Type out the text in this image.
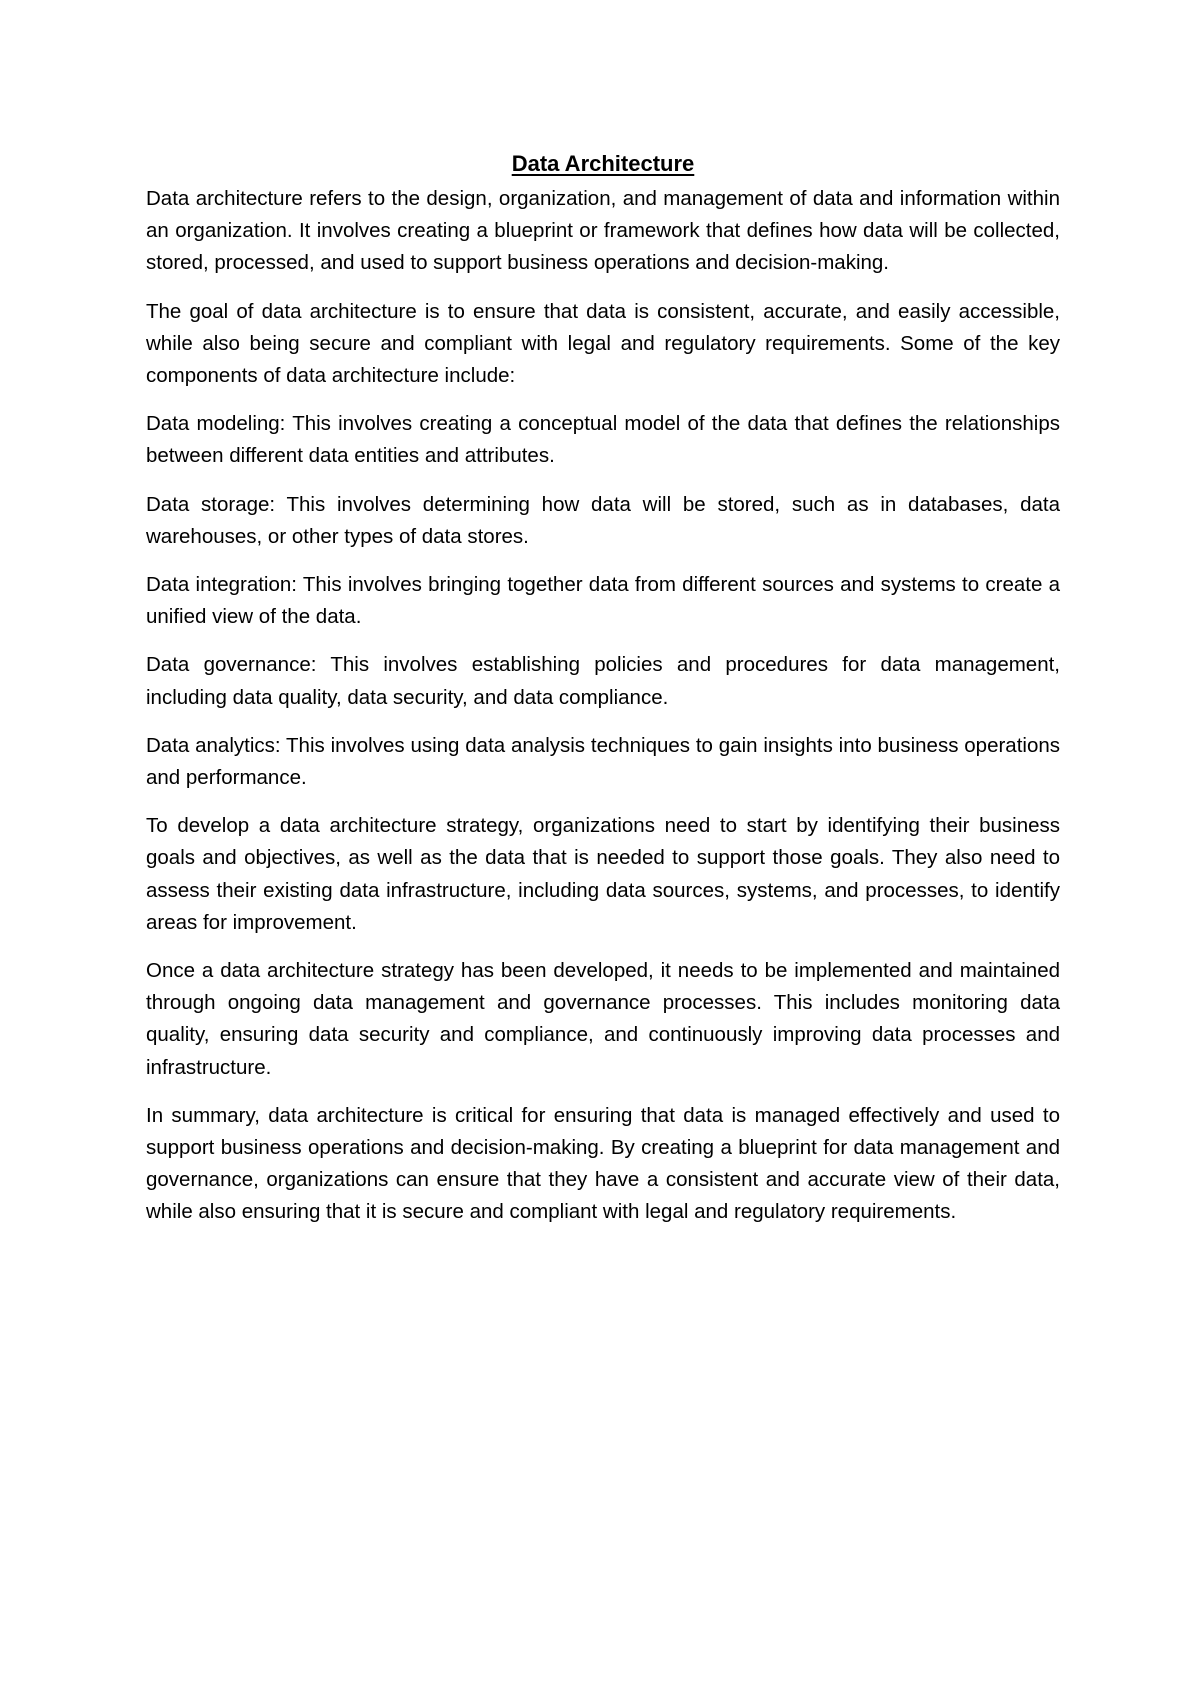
Data Architecture

Data architecture refers to the design, organization, and management of data and information within an organization. It involves creating a blueprint or framework that defines how data will be collected, stored, processed, and used to support business operations and decision-making.

The goal of data architecture is to ensure that data is consistent, accurate, and easily accessible, while also being secure and compliant with legal and regulatory requirements. Some of the key components of data architecture include:

Data modeling: This involves creating a conceptual model of the data that defines the relationships between different data entities and attributes.

Data storage: This involves determining how data will be stored, such as in databases, data warehouses, or other types of data stores.

Data integration: This involves bringing together data from different sources and systems to create a unified view of the data.

Data governance: This involves establishing policies and procedures for data management, including data quality, data security, and data compliance.

Data analytics: This involves using data analysis techniques to gain insights into business operations and performance.

To develop a data architecture strategy, organizations need to start by identifying their business goals and objectives, as well as the data that is needed to support those goals. They also need to assess their existing data infrastructure, including data sources, systems, and processes, to identify areas for improvement.

Once a data architecture strategy has been developed, it needs to be implemented and maintained through ongoing data management and governance processes. This includes monitoring data quality, ensuring data security and compliance, and continuously improving data processes and infrastructure.

In summary, data architecture is critical for ensuring that data is managed effectively and used to support business operations and decision-making. By creating a blueprint for data management and governance, organizations can ensure that they have a consistent and accurate view of their data, while also ensuring that it is secure and compliant with legal and regulatory requirements.
